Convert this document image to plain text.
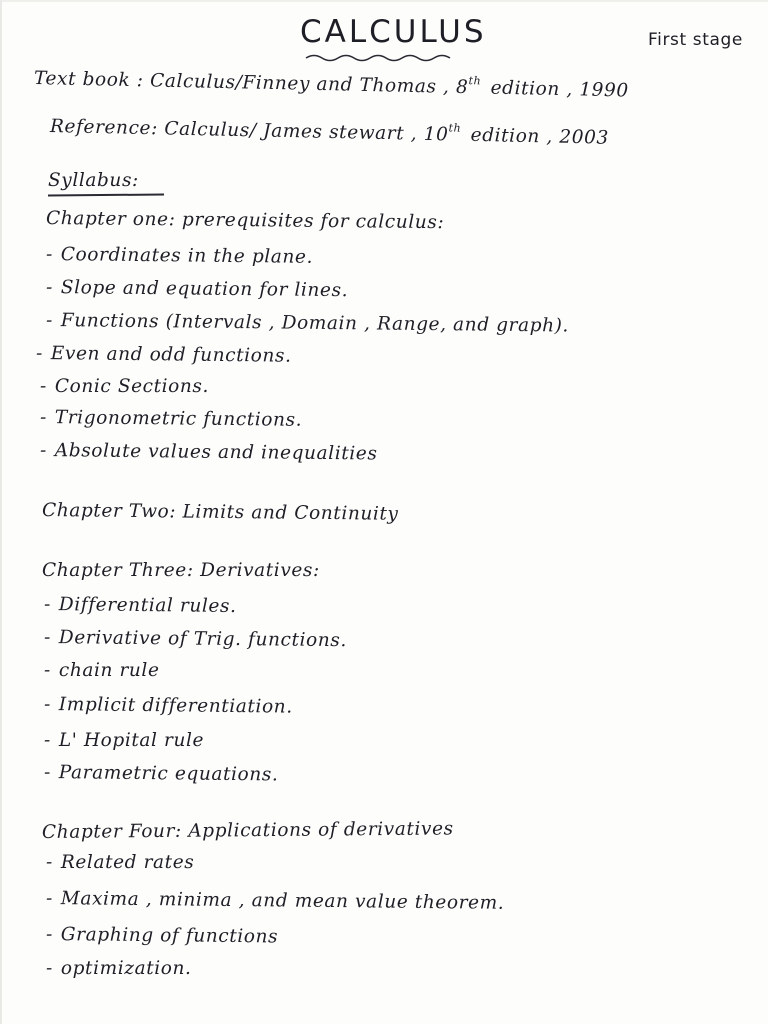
CALCULUS	First stage
Text book : Calculus/Finney and Thomas , 8th edition , 1990
Reference: Calculus/ James stewart , 10th edition , 2003
Syllabus:
Chapter one: prerequisites for calculus:
- Coordinates in the plane.
- Slope and equation for lines.
- Functions (Intervals , Domain , Range, and graph).
- Even and odd functions.
- Conic Sections.
- Trigonometric functions.
- Absolute values and inequalities
Chapter Two: Limits and Continuity
Chapter Three: Derivatives:
- Differential rules.
- Derivative of Trig. functions.
- chain rule
- Implicit differentiation.
- L' Hopital rule
- Parametric equations.
Chapter Four: Applications of derivatives
- Related rates
- Maxima , minima , and mean value theorem.
- Graphing of functions
- optimization.
